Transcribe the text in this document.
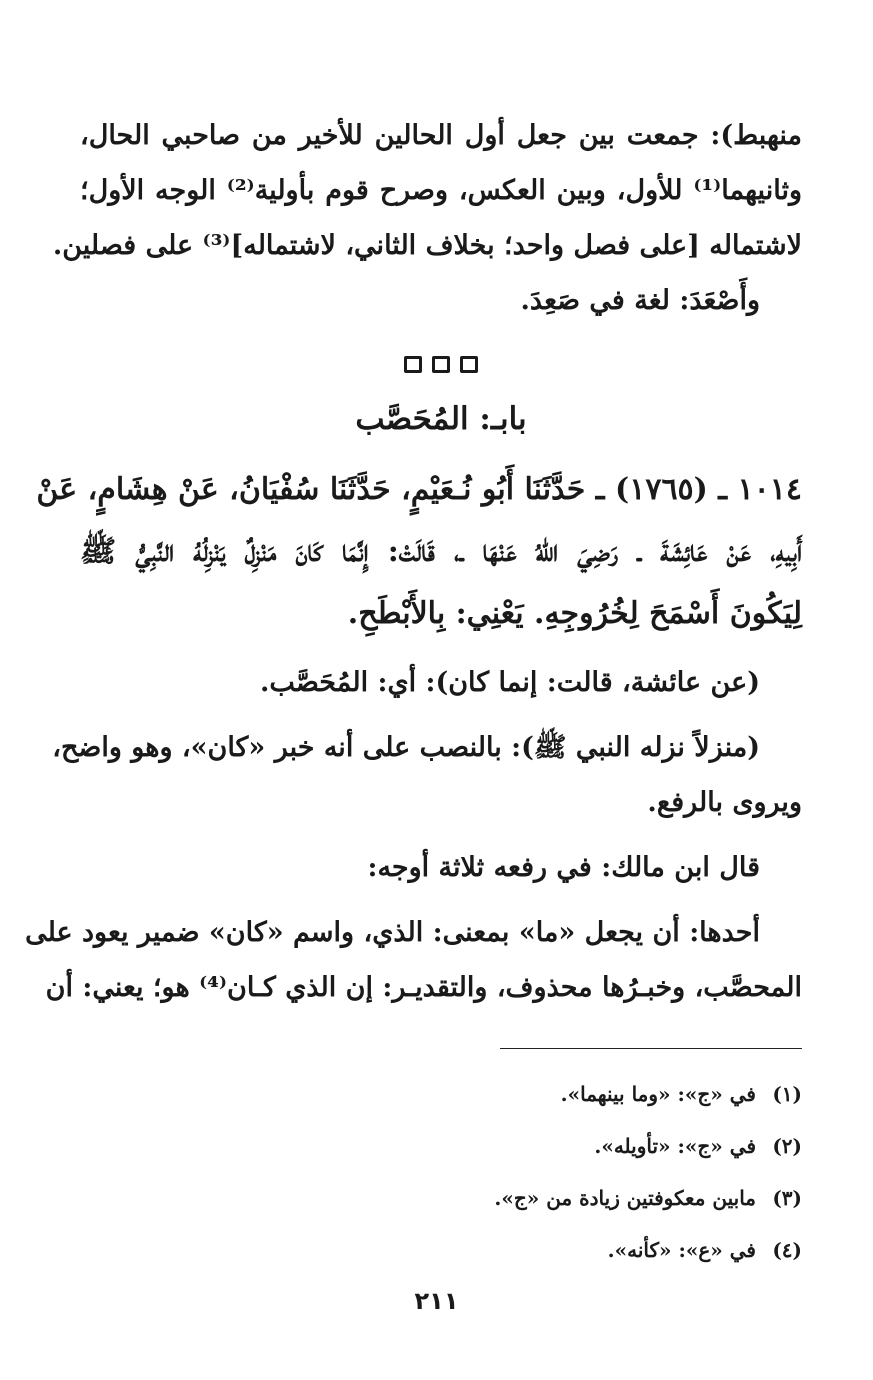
منهبط): جمعت بين جعل أول الحالين للأخير من صاحبي الحال،
وثانيهما⁽¹⁾ للأول، وبين العكس، وصرح قوم بأولية⁽²⁾ الوجه الأول؛
لاشتماله [على فصل واحد؛ بخلاف الثاني، لاشتماله]⁽³⁾ على فصلين.
وأَصْعَدَ: لغة في صَعِدَ.
بابـ: المُحَصَّب
١٠١٤ ـ (١٧٦٥) ـ حَدَّثَنَا أَبُو نُـعَيْمٍ، حَدَّثَنَا سُفْيَانُ، عَنْ هِشَامٍ، عَنْ
أَبِيهِ، عَنْ عَائِشَةَ ـ رَضِيَ اللهُ عَنْهَا ـ، قَالَتْ: إِنَّمَا كَانَ مَنْزِلٌ يَنْزِلُهُ النَّبِيُّ ﷺ
لِيَكُونَ أَسْمَحَ لِخُرُوجِهِ. يَعْنِي: بِالأَبْطَحِ.
(عن عائشة، قالت: إنما كان): أي: المُحَصَّب.
(منزلاً نزله النبي ﷺ): بالنصب على أنه خبر «كان»، وهو واضح،
ويروى بالرفع.
قال ابن مالك: في رفعه ثلاثة أوجه:
أحدها: أن يجعل «ما» بمعنى: الذي، واسم «كان» ضمير يعود على
المحصَّب، وخبـرُها محذوف، والتقديـر: إن الذي كـان⁽⁴⁾ هو؛ يعني: أن
(١)في «ج»: «وما بينهما».
(٢)في «ج»: «تأويله».
(٣)مابين معكوفتين زيادة من «ج».
(٤)في «ع»: «كأنه».
٢١١
